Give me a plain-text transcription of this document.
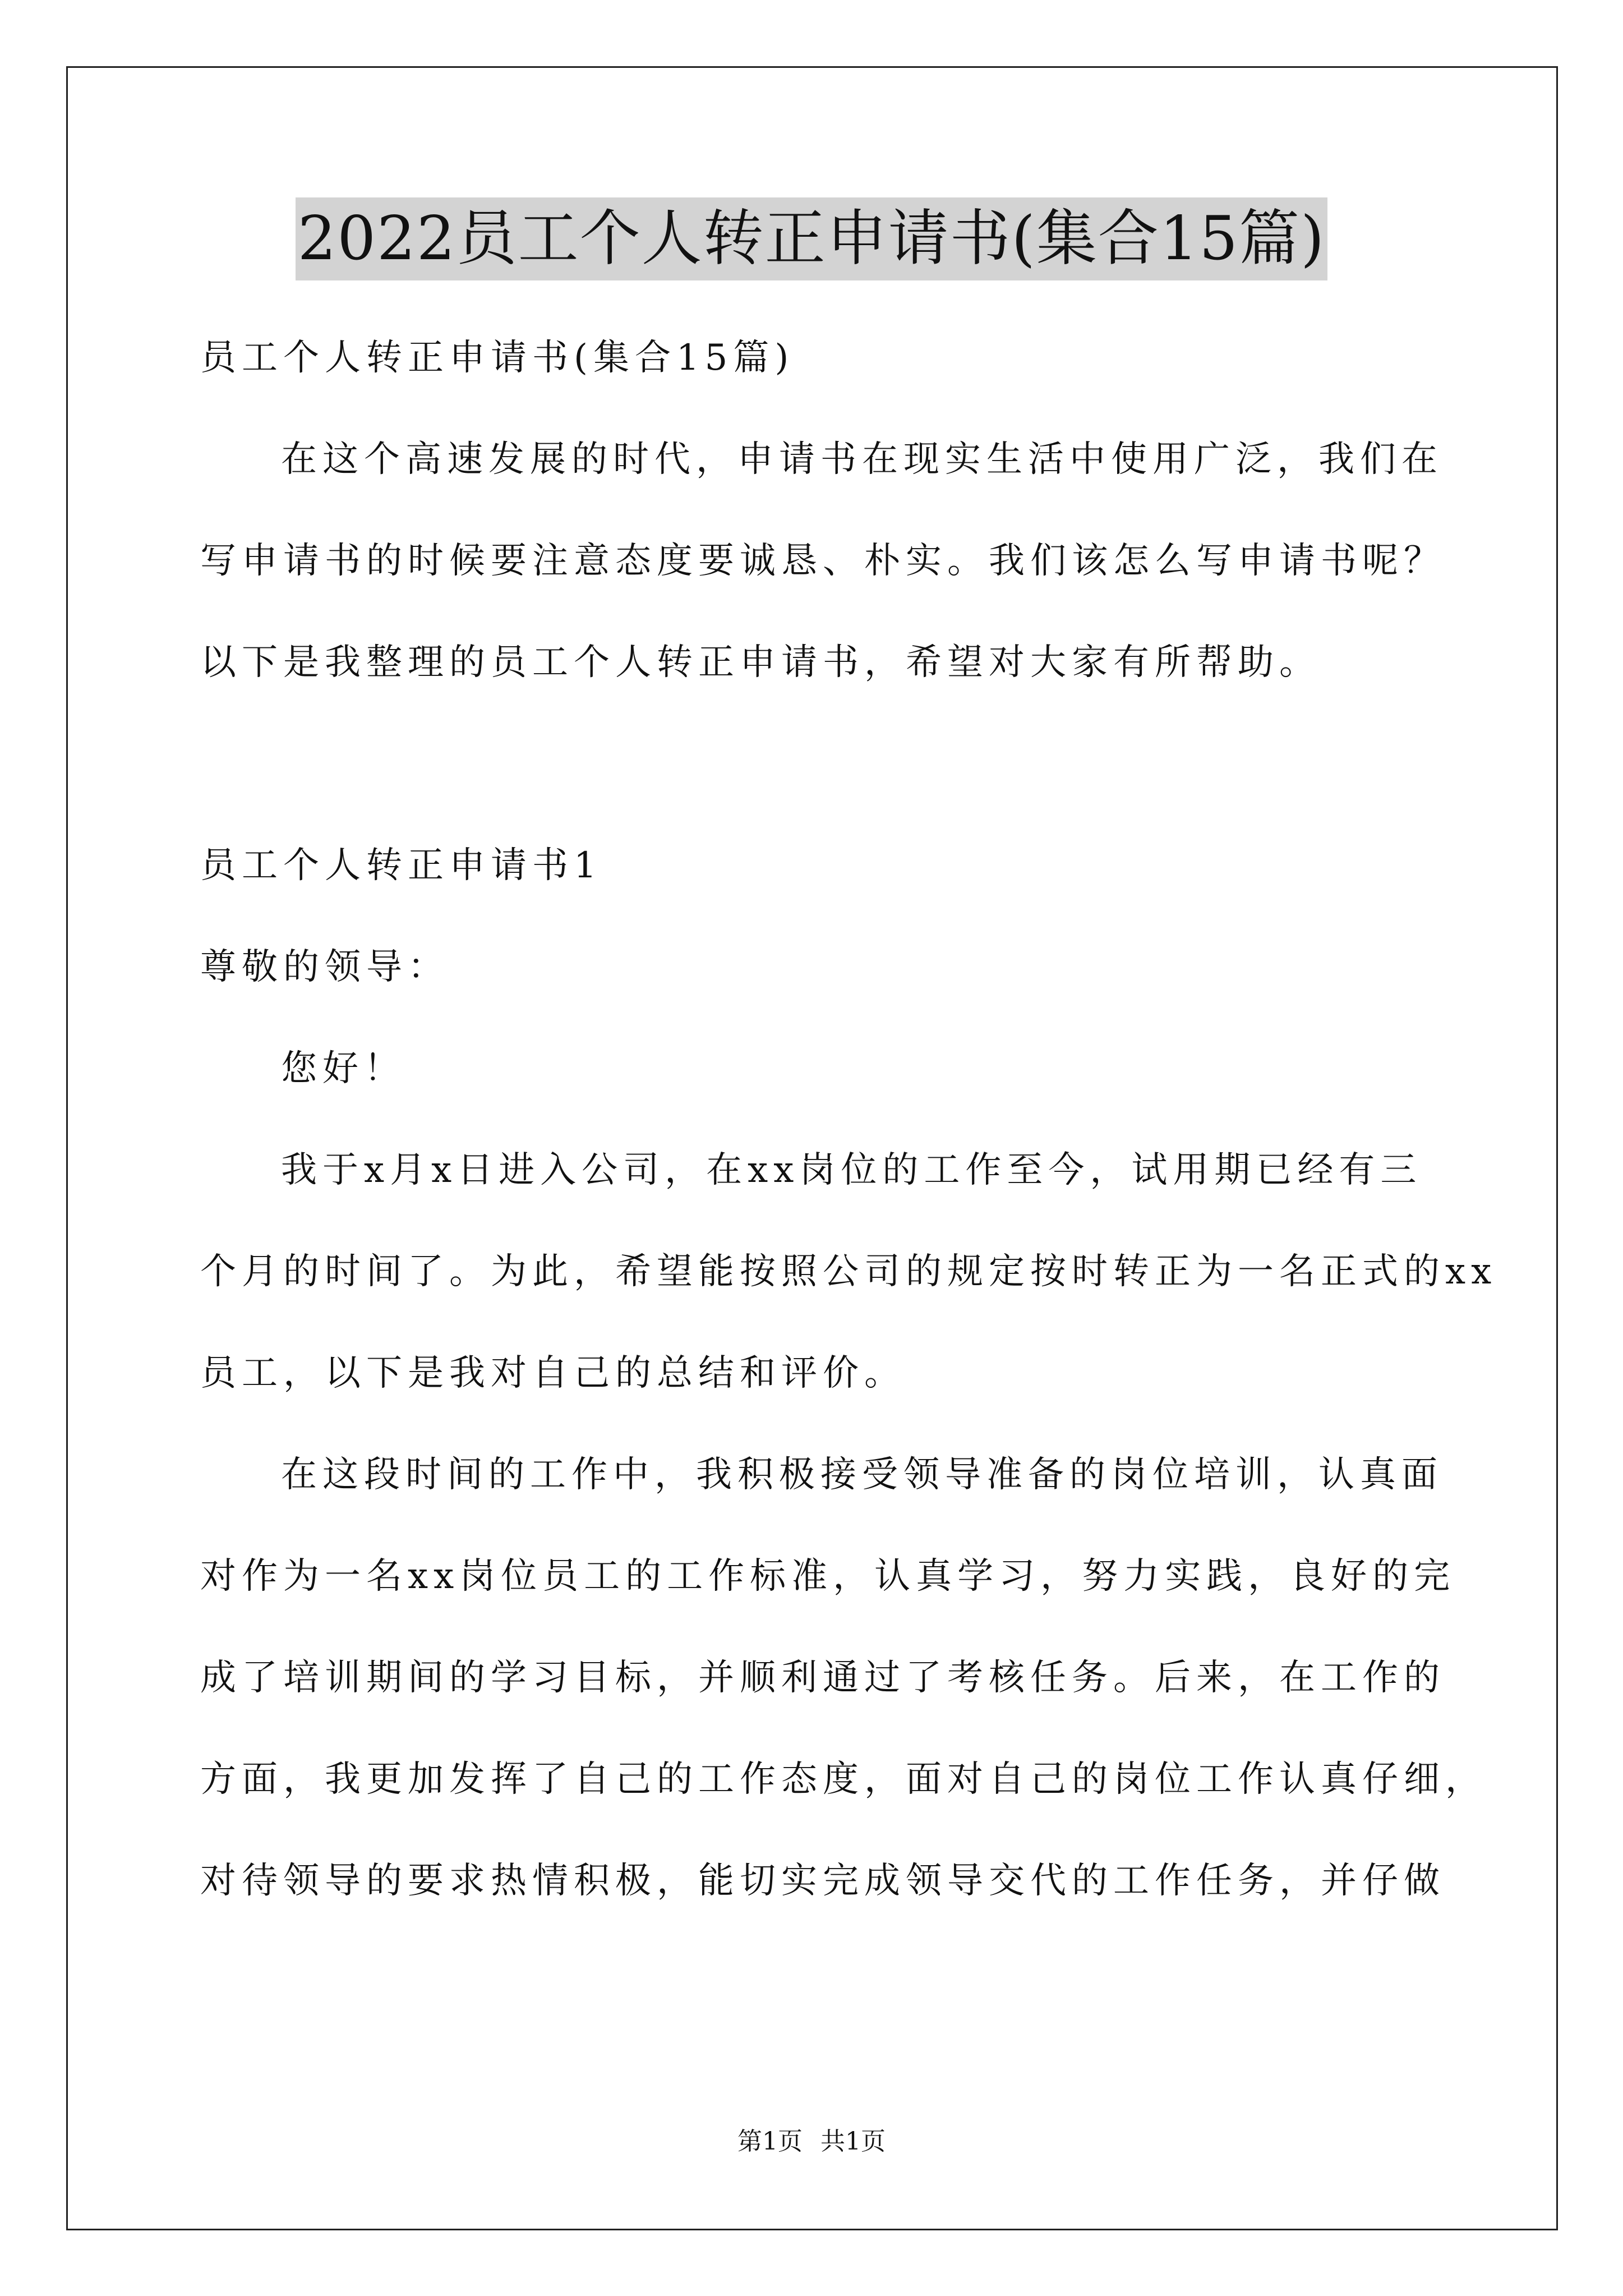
2022员工个人转正申请书(集合15篇)
员工个人转正申请书(集合15篇)
在这个高速发展的时代，申请书在现实生活中使用广泛，我们在
写申请书的时候要注意态度要诚恳、朴实。我们该怎么写申请书呢？
以下是我整理的员工个人转正申请书，希望对大家有所帮助。
员工个人转正申请书1
尊敬的领导：
您好！
我于x月x日进入公司，在xx岗位的工作至今，试用期已经有三
个月的时间了。为此，希望能按照公司的规定按时转正为一名正式的xx
员工，以下是我对自己的总结和评价。
在这段时间的工作中，我积极接受领导准备的岗位培训，认真面
对作为一名xx岗位员工的工作标准，认真学习，努力实践，良好的完
成了培训期间的学习目标，并顺利通过了考核任务。后来，在工作的
方面，我更加发挥了自己的工作态度，面对自己的岗位工作认真仔细，
对待领导的要求热情积极，能切实完成领导交代的工作任务，并仔做
第1页 共1页
